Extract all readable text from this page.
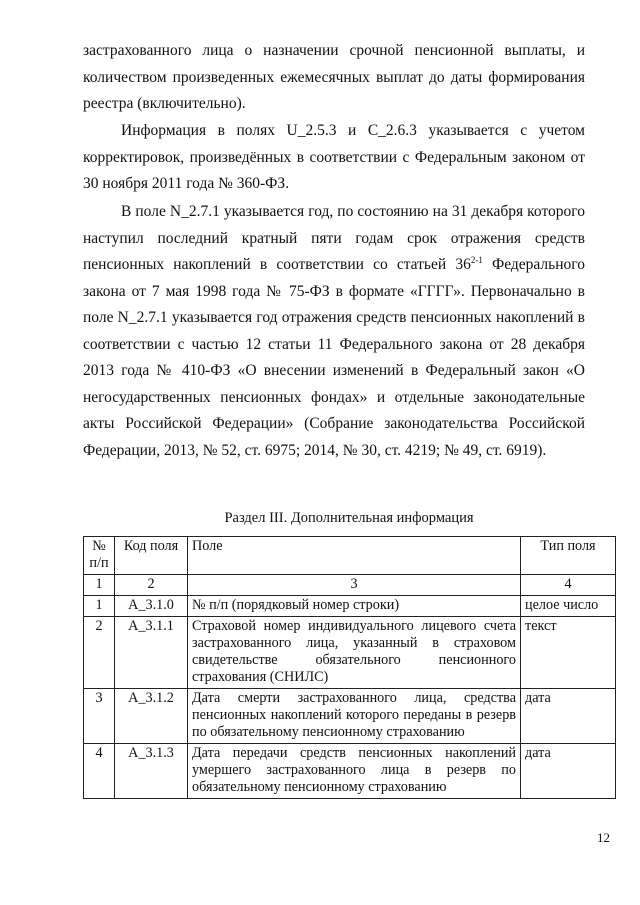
застрахованного лица о назначении срочной пенсионной выплаты, и количеством произведенных ежемесячных выплат до даты формирования реестра (включительно).
Информация в полях U_2.5.3 и C_2.6.3 указывается с учетом корректировок, произведённых в соответствии с Федеральным законом от 30 ноября 2011 года № 360-ФЗ.
В поле N_2.7.1 указывается год, по состоянию на 31 декабря которого наступил последний кратный пяти годам срок отражения средств пенсионных накоплений в соответствии со статьей 36$^{2-1}$ Федерального закона от 7 мая 1998 года № 75-ФЗ в формате «ГГГГ». Первоначально в поле N_2.7.1 указывается год отражения средств пенсионных накоплений в соответствии с частью 12 статьи 11 Федерального закона от 28 декабря 2013 года № 410-ФЗ «О внесении изменений в Федеральный закон «О негосударственных пенсионных фондах» и отдельные законодательные акты Российской Федерации» (Собрание законодательства Российской Федерации, 2013, № 52, ст. 6975; 2014, № 30, ст. 4219; № 49, ст. 6919).
Раздел III. Дополнительная информация
№ п/п	Код поля	Поле	Тип поля
1	2	3	4
1	A_3.1.0	№ п/п (порядковый номер строки)	целое число
2	A_3.1.1	Страховой номер индивидуального лицевого счета застрахованного лица, указанный в страховом свидетельстве обязательного пенсионного страхования (СНИЛС)	текст
3	A_3.1.2	Дата смерти застрахованного лица, средства пенсионных накоплений которого переданы в резерв по обязательному пенсионному страхованию	дата
4	A_3.1.3	Дата передачи средств пенсионных накоплений умершего застрахованного лица в резерв по обязательному пенсионному страхованию	дата
12
